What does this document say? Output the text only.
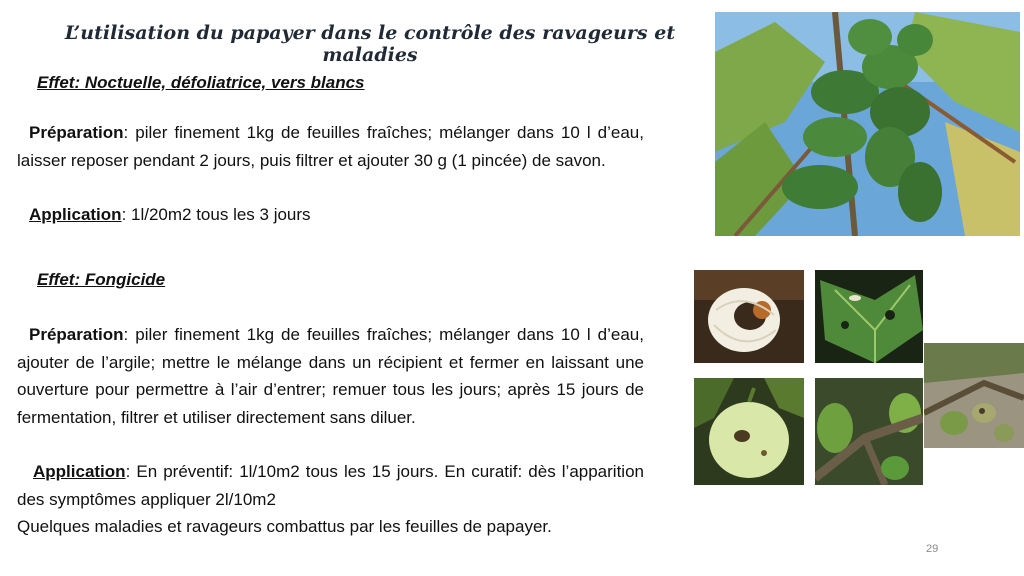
L’utilisation du papayer dans le contrôle des ravageurs et maladies
Effet: Noctuelle, défoliatrice, vers blancs
Préparation: piler finement 1kg de feuilles fraîches; mélanger dans 10 l d’eau, laisser reposer pendant 2 jours, puis filtrer et ajouter 30 g (1 pincée) de savon.
Application: 1l/20m2 tous les 3 jours
Effet: Fongicide
Préparation: piler finement 1kg de feuilles fraîches; mélanger dans 10 l d’eau, ajouter de l’argile; mettre le mélange dans un récipient et fermer en laissant une ouverture pour permettre à l’air d’entrer; remuer tous les jours; après 15 jours de fermentation, filtrer et utiliser directement sans diluer.
Application: En préventif: 1l/10m2 tous les 15 jours. En curatif: dès l’apparition des symptômes appliquer 2l/10m2
Quelques maladies et ravageurs combattus par les feuilles de papayer.
29
